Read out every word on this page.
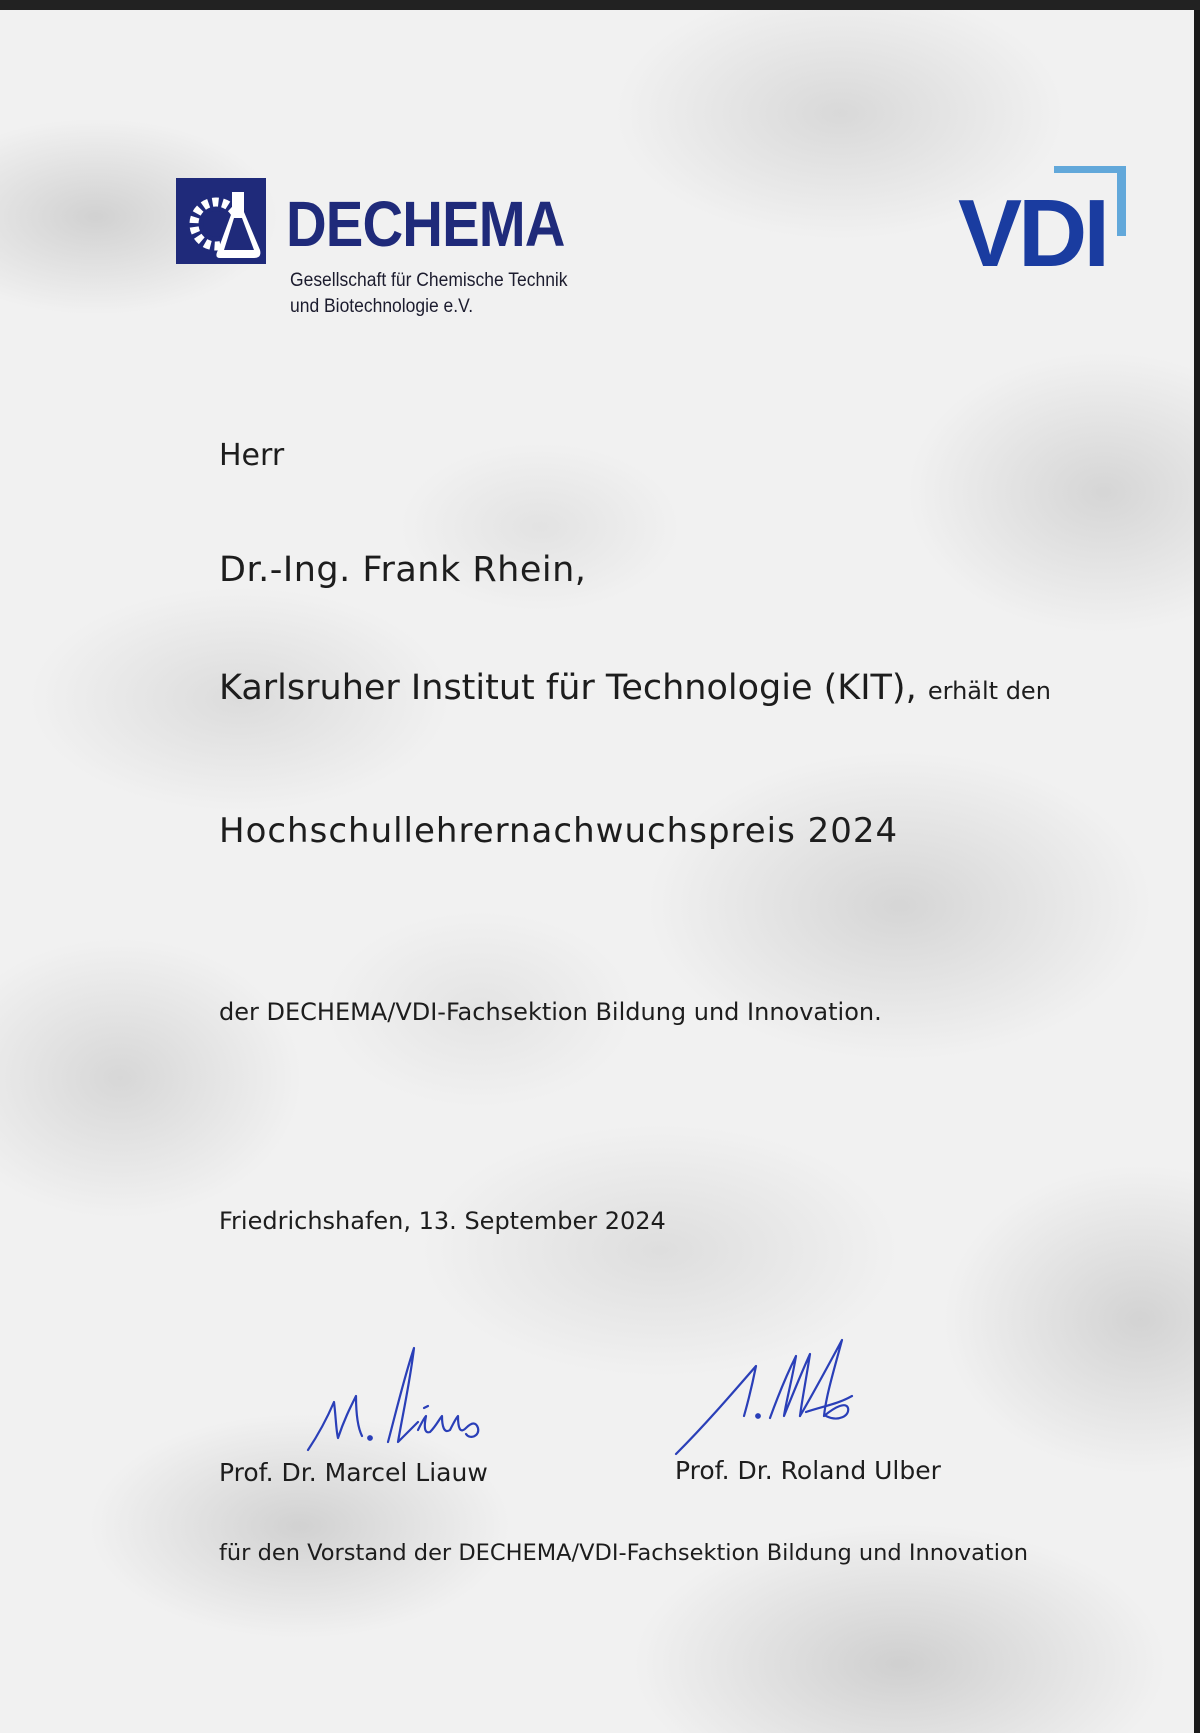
DECHEMA
Gesellschaft für Chemische Technik
und Biotechnologie e.V.
VDI
Herr
Dr.-Ing. Frank Rhein,
Karlsruher Institut für Technologie (KIT), erhält den
Hochschullehrernachwuchspreis 2024
der DECHEMA/VDI-Fachsektion Bildung und Innovation.
Friedrichshafen, 13. September 2024
Prof. Dr. Marcel Liauw	Prof. Dr. Roland Ulber
für den Vorstand der DECHEMA/VDI-Fachsektion Bildung und Innovation
